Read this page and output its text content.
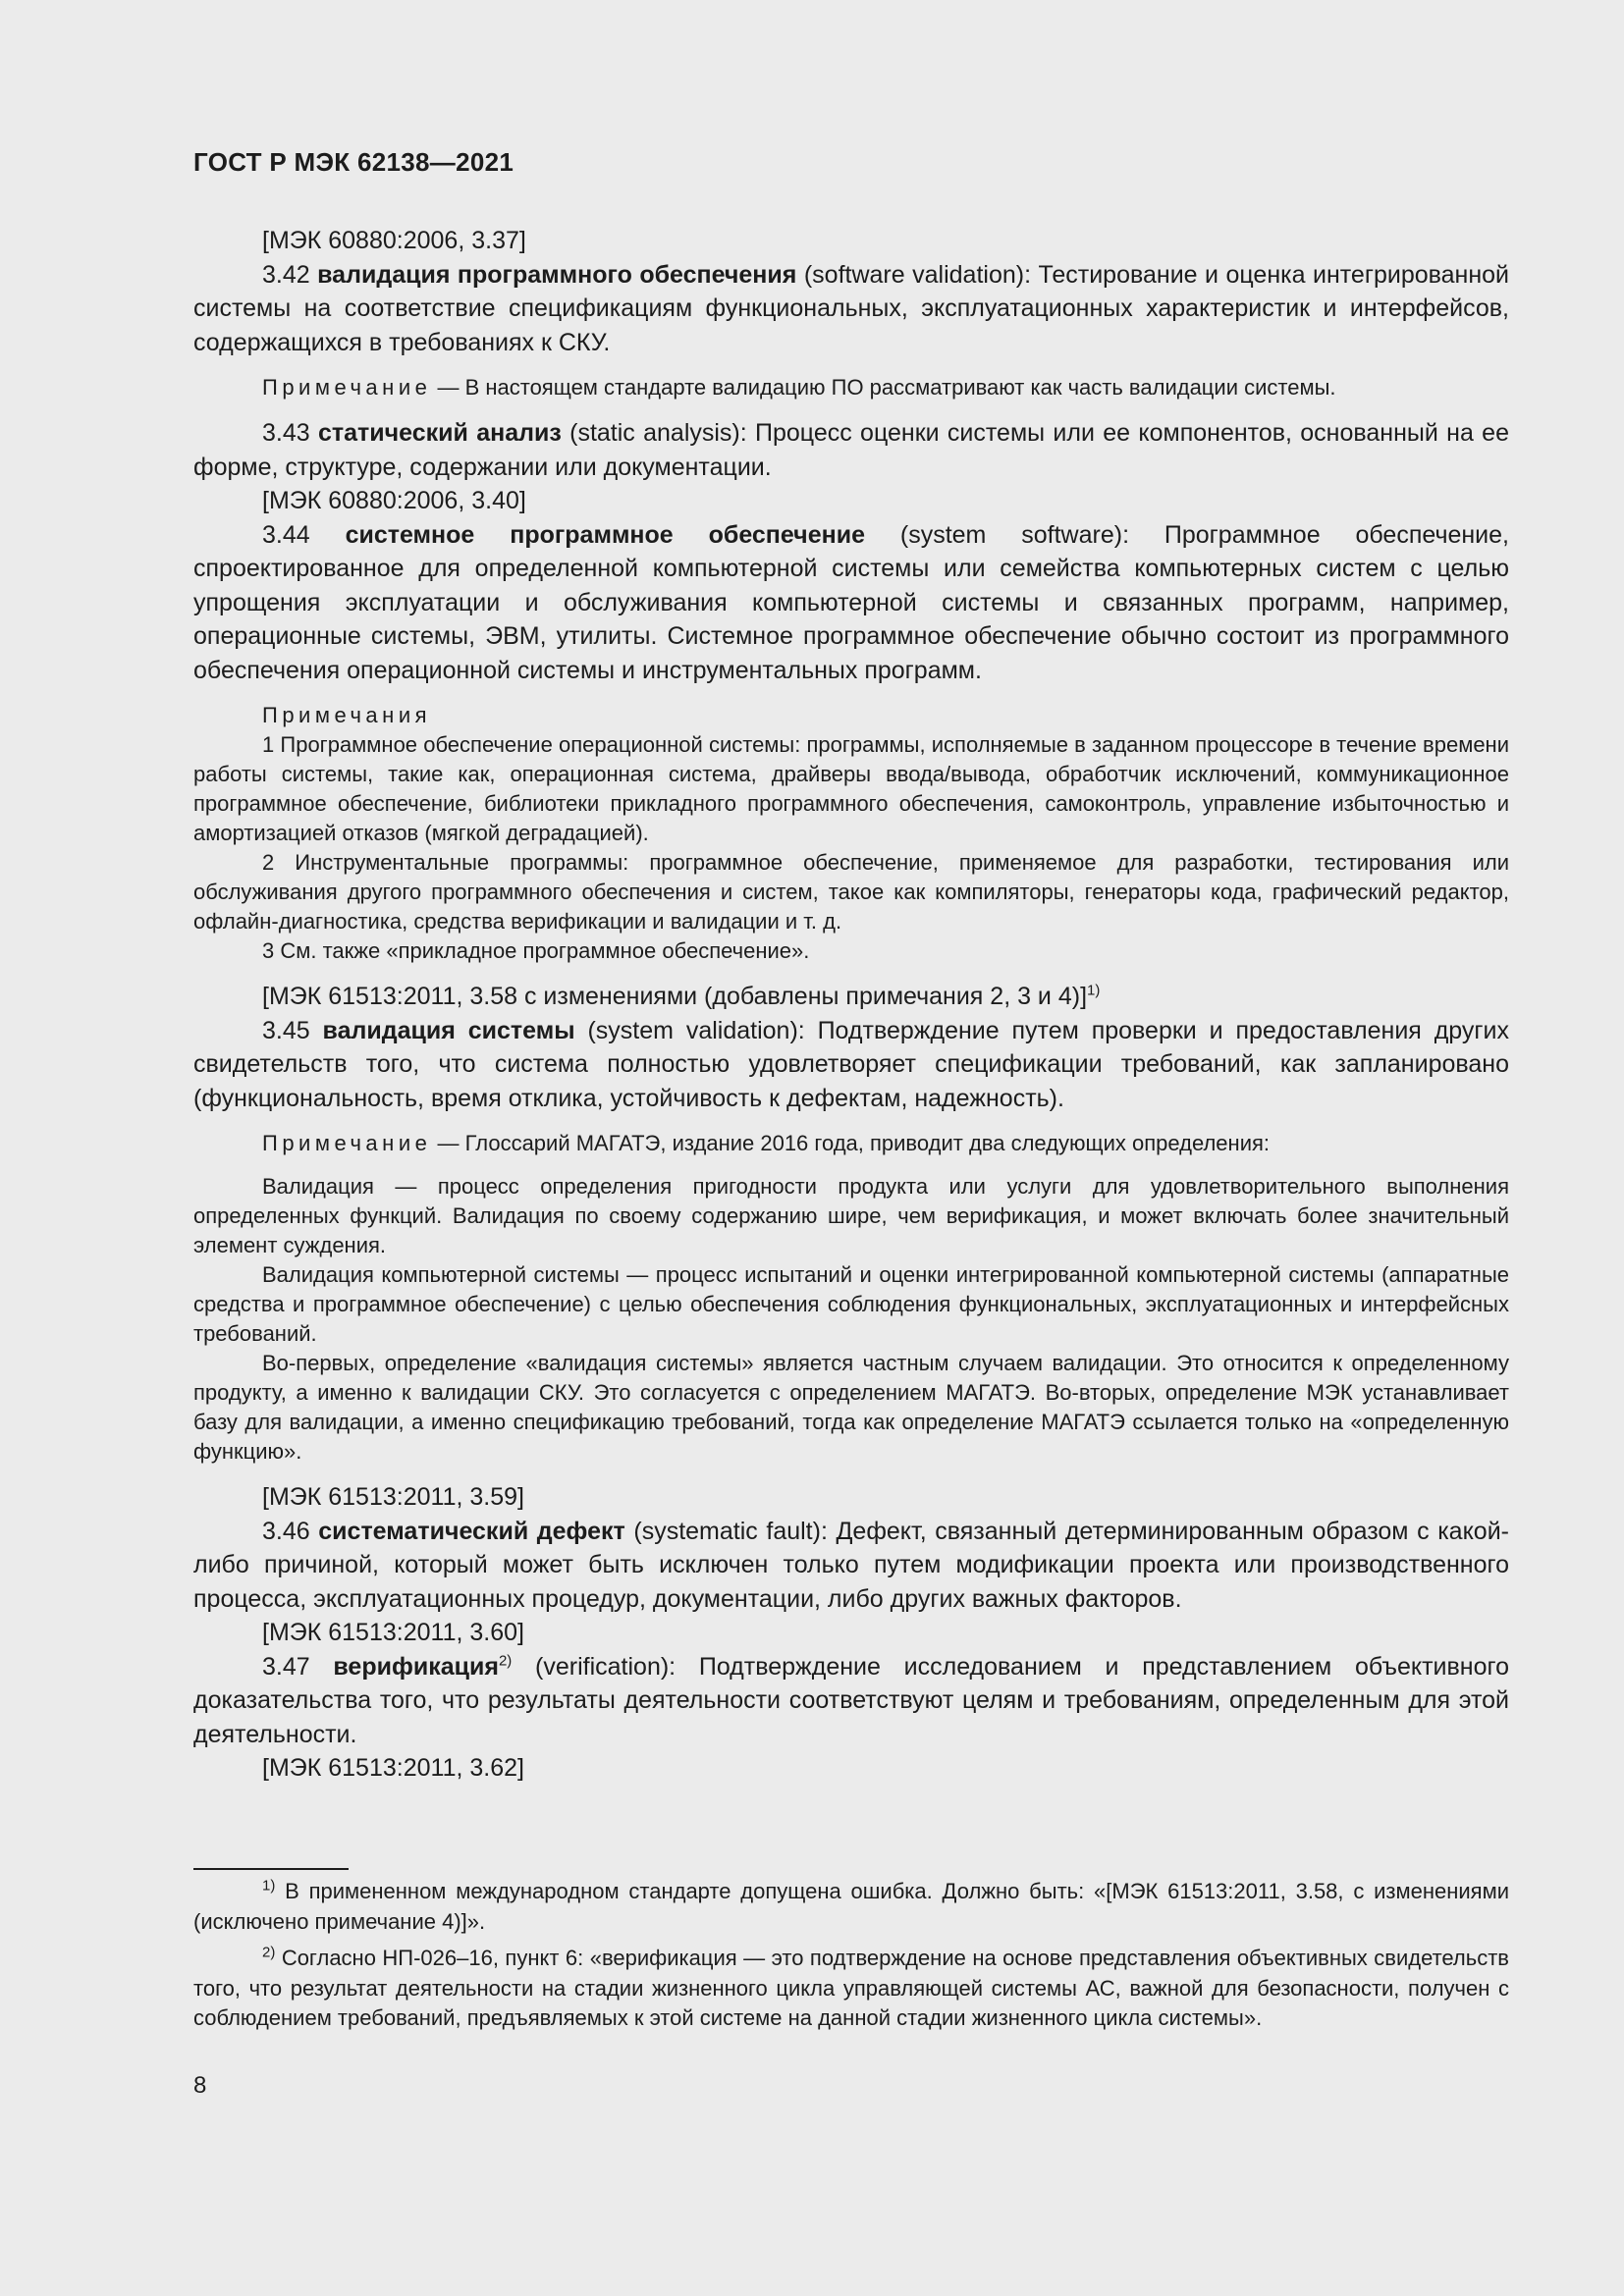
ГОСТ Р МЭК 62138—2021

[МЭК 60880:2006, 3.37]

3.42 валидация программного обеспечения (software validation): Тестирование и оценка интегрированной системы на соответствие спецификациям функциональных, эксплуатационных характеристик и интерфейсов, содержащихся в требованиях к СКУ.

Примечание — В настоящем стандарте валидацию ПО рассматривают как часть валидации системы.

3.43 статический анализ (static analysis): Процесс оценки системы или ее компонентов, основанный на ее форме, структуре, содержании или документации.

[МЭК 60880:2006, 3.40]

3.44 системное программное обеспечение (system software): Программное обеспечение, спроектированное для определенной компьютерной системы или семейства компьютерных систем с целью упрощения эксплуатации и обслуживания компьютерной системы и связанных программ, например, операционные системы, ЭВМ, утилиты. Системное программное обеспечение обычно состоит из программного обеспечения операционной системы и инструментальных программ.

Примечания

1 Программное обеспечение операционной системы: программы, исполняемые в заданном процессоре в течение времени работы системы, такие как, операционная система, драйверы ввода/вывода, обработчик исключений, коммуникационное программное обеспечение, библиотеки прикладного программного обеспечения, самоконтроль, управление избыточностью и амортизацией отказов (мягкой деградацией).

2 Инструментальные программы: программное обеспечение, применяемое для разработки, тестирования или обслуживания другого программного обеспечения и систем, такое как компиляторы, генераторы кода, графический редактор, офлайн-диагностика, средства верификации и валидации и т. д.

3 См. также «прикладное программное обеспечение».

[МЭК 61513:2011, 3.58 с изменениями (добавлены примечания 2, 3 и 4)]$^{1)}$

3.45 валидация системы (system validation): Подтверждение путем проверки и предоставления других свидетельств того, что система полностью удовлетворяет спецификации требований, как запланировано (функциональность, время отклика, устойчивость к дефектам, надежность).

Примечание — Глоссарий МАГАТЭ, издание 2016 года, приводит два следующих определения:

Валидация — процесс определения пригодности продукта или услуги для удовлетворительного выполнения определенных функций. Валидация по своему содержанию шире, чем верификация, и может включать более значительный элемент суждения.

Валидация компьютерной системы — процесс испытаний и оценки интегрированной компьютерной системы (аппаратные средства и программное обеспечение) с целью обеспечения соблюдения функциональных, эксплуатационных и интерфейсных требований.

Во-первых, определение «валидация системы» является частным случаем валидации. Это относится к определенному продукту, а именно к валидации СКУ. Это согласуется с определением МАГАТЭ. Во-вторых, определение МЭК устанавливает базу для валидации, а именно спецификацию требований, тогда как определение МАГАТЭ ссылается только на «определенную функцию».

[МЭК 61513:2011, 3.59]

3.46 систематический дефект (systematic fault): Дефект, связанный детерминированным образом с какой-либо причиной, который может быть исключен только путем модификации проекта или производственного процесса, эксплуатационных процедур, документации, либо других важных факторов.

[МЭК 61513:2011, 3.60]

3.47 верификация$^{2)}$ (verification): Подтверждение исследованием и представлением объективного доказательства того, что результаты деятельности соответствуют целям и требованиям, определенным для этой деятельности.

[МЭК 61513:2011, 3.62]

$^{1)}$ В примененном международном стандарте допущена ошибка. Должно быть: «[МЭК 61513:2011, 3.58, с изменениями (исключено примечание 4)]».

$^{2)}$ Согласно НП-026–16, пункт 6: «верификация — это подтверждение на основе представления объективных свидетельств того, что результат деятельности на стадии жизненного цикла управляющей системы АС, важной для безопасности, получен с соблюдением требований, предъявляемых к этой системе на данной стадии жизненного цикла системы».

8
